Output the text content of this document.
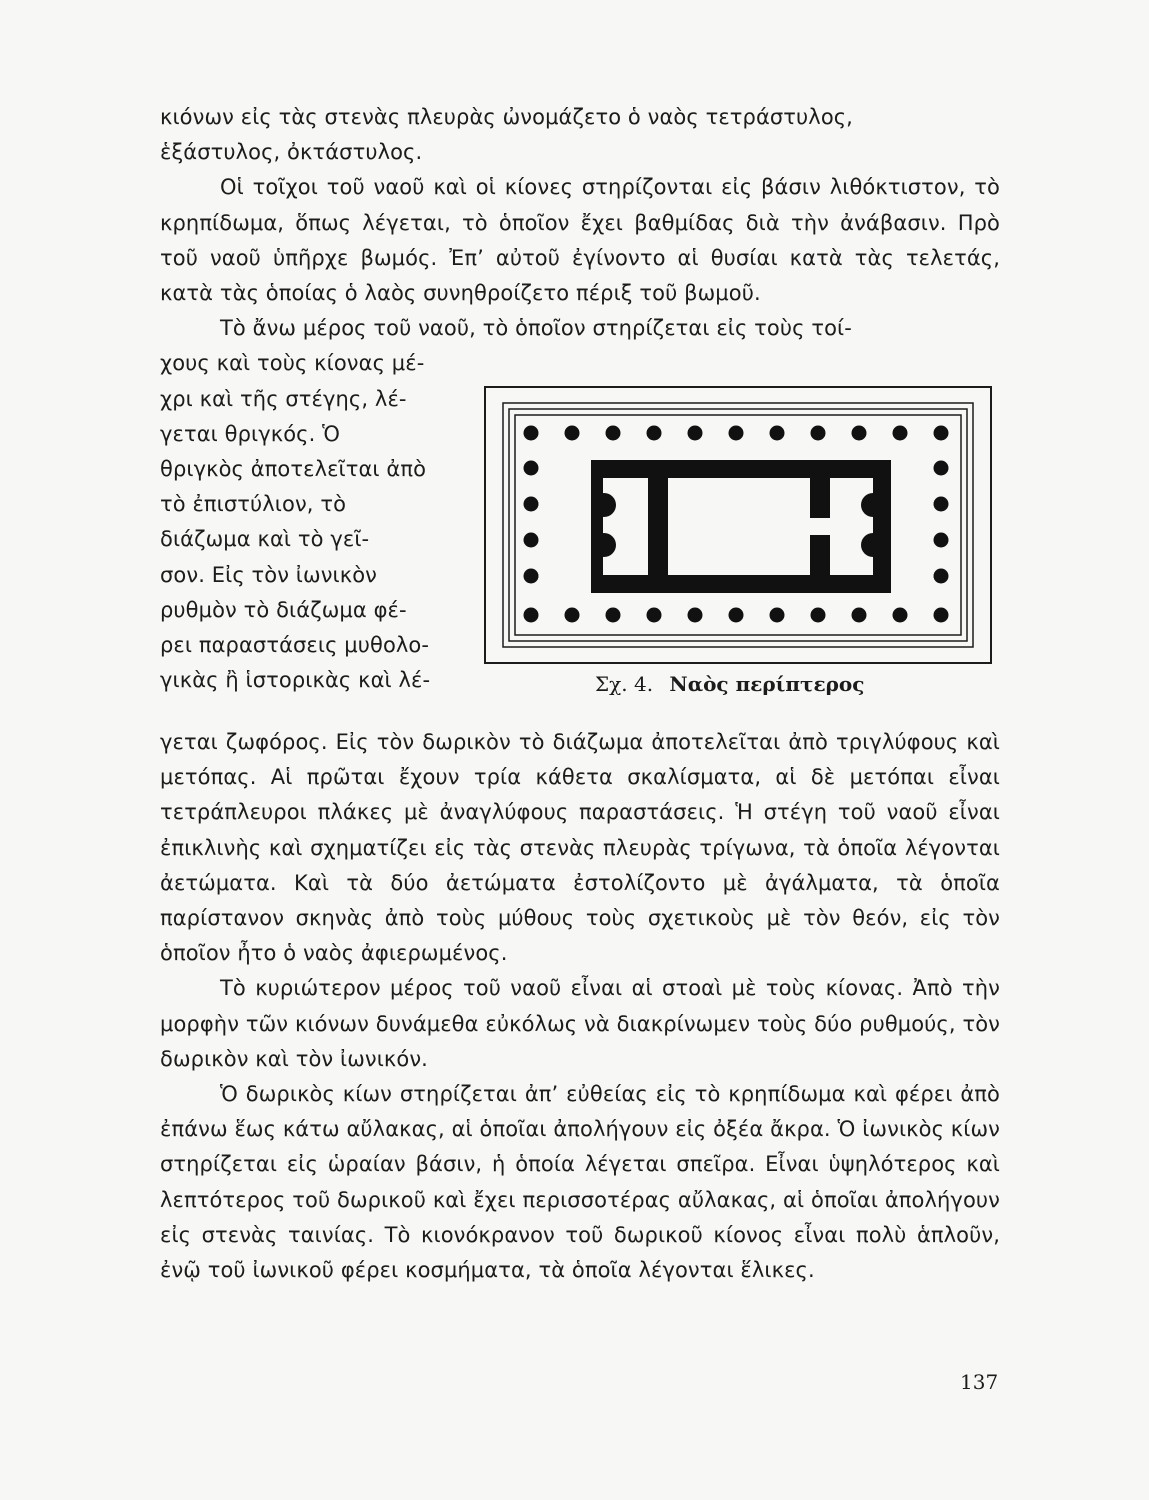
κιόνων εἰς τὰς στενὰς πλευρὰς ὠνομάζετο ὁ ναὸς τετράστυλος,

ἑξάστυλος, ὀκτάστυλος.

Οἱ τοῖχοι τοῦ ναοῦ καὶ οἱ κίονες στηρίζονται εἰς βάσιν λιθόκτιστον, τὸ κρηπίδωμα, ὅπως λέγεται, τὸ ὁποῖον ἔχει βαθμίδας διὰ τὴν ἀνάβασιν. Πρὸ τοῦ ναοῦ ὑπῆρχε βωμός. Ἐπ’ αὐτοῦ ἐγίνοντο αἱ θυσίαι κατὰ τὰς τελετάς, κατὰ τὰς ὁποίας ὁ λαὸς συνηθροίζετο πέριξ τοῦ βωμοῦ.

Τὸ ἄνω μέρος τοῦ ναοῦ, τὸ ὁποῖον στηρίζεται εἰς τοὺς τοί-

χους καὶ τοὺς κίονας μέ-

χρι καὶ τῆς στέγης, λέ-

γεται θριγκός. Ὁ

θριγκὸς ἀποτελεῖται ἀπὸ

τὸ ἐπιστύλιον, τὸ

διάζωμα καὶ τὸ γεῖ-

σον. Εἰς τὸν ἰωνικὸν

ρυθμὸν τὸ διάζωμα φέ-

ρει παραστάσεις μυθολο-

γικὰς ἢ ἱστορικὰς καὶ λέ-	Σχ. 4. Ναὸς περίπτερος

γεται ζωφόρος. Εἰς τὸν δωρικὸν τὸ διάζωμα ἀποτελεῖται ἀπὸ τριγλύφους καὶ μετόπας. Αἱ πρῶται ἔχουν τρία κάθετα σκαλίσματα, αἱ δὲ μετόπαι εἶναι τετράπλευροι πλάκες μὲ ἀναγλύφους παραστάσεις. Ἡ στέγη τοῦ ναοῦ εἶναι ἐπικλινὴς καὶ σχηματίζει εἰς τὰς στενὰς πλευρὰς τρίγωνα, τὰ ὁποῖα λέγονται ἀετώματα. Καὶ τὰ δύο ἀετώματα ἐστολίζοντο μὲ ἀγάλματα, τὰ ὁποῖα παρίστανον σκηνὰς ἀπὸ τοὺς μύθους τοὺς σχετικοὺς μὲ τὸν θεόν, εἰς τὸν ὁποῖον ἦτο ὁ ναὸς ἀφιερωμένος.

Τὸ κυριώτερον μέρος τοῦ ναοῦ εἶναι αἱ στοαὶ μὲ τοὺς κίονας. Ἀπὸ τὴν μορφὴν τῶν κιόνων δυνάμεθα εὐκόλως νὰ διακρίνωμεν τοὺς δύο ρυθμούς, τὸν δωρικὸν καὶ τὸν ἰωνικόν.

Ὁ δωρικὸς κίων στηρίζεται ἀπ’ εὐθείας εἰς τὸ κρηπίδωμα καὶ φέρει ἀπὸ ἐπάνω ἕως κάτω αὔλακας, αἱ ὁποῖαι ἀπολήγουν εἰς ὀξέα ἄκρα. Ὁ ἰωνικὸς κίων στηρίζεται εἰς ὡραίαν βάσιν, ἡ ὁποία λέγεται σπεῖρα. Εἶναι ὑψηλότερος καὶ λεπτότερος τοῦ δωρικοῦ καὶ ἔχει περισσοτέρας αὔλακας, αἱ ὁποῖαι ἀπολήγουν εἰς στενὰς ταινίας. Τὸ κιονόκρανον τοῦ δωρικοῦ κίονος εἶναι πολὺ ἁπλοῦν, ἐνῷ τοῦ ἰωνικοῦ φέρει κοσμήματα, τὰ ὁποῖα λέγονται ἕλικες.

137
